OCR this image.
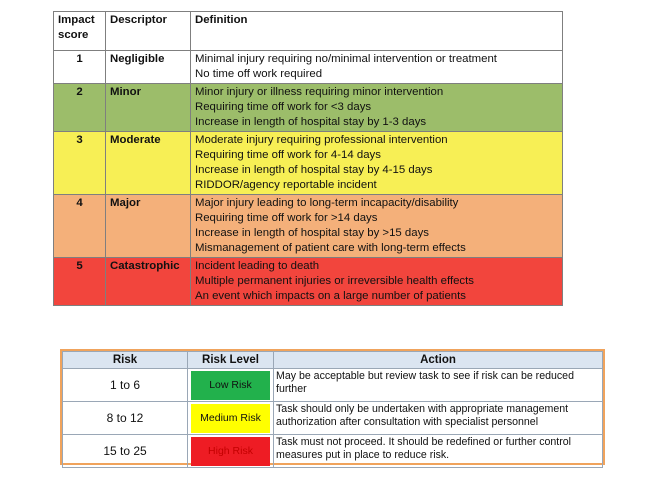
Impact
score	Descriptor	Definition
1	Negligible	Minimal injury requiring no/minimal intervention or treatment
No time off work required

2	Minor	Minor injury or illness requiring minor intervention
Requiring time off work for <3 days
Increase in length of hospital stay by 1-3 days

3	Moderate	Moderate injury requiring professional intervention
Requiring time off work for 4-14 days
Increase in length of hospital stay by 4-15 days
RIDDOR/agency reportable incident

4	Major	Major injury leading to long-term incapacity/disability
Requiring time off work for >14 days
Increase in length of hospital stay by >15 days
Mismanagement of patient care with long-term effects

5	Catastrophic	Incident leading to death
Multiple permanent injuries or irreversible health effects
An event which impacts on a large number of patients
Risk	Risk Level	Action
1 to 6	Low Risk	May be acceptable but review task to see if risk can be reduced
further

8 to 12	Medium Risk	Task should only be undertaken with appropriate management
authorization after consultation with specialist personnel

15 to 25	High Risk	Task must not proceed. It should be redefined or further control
measures put in place to reduce risk.
